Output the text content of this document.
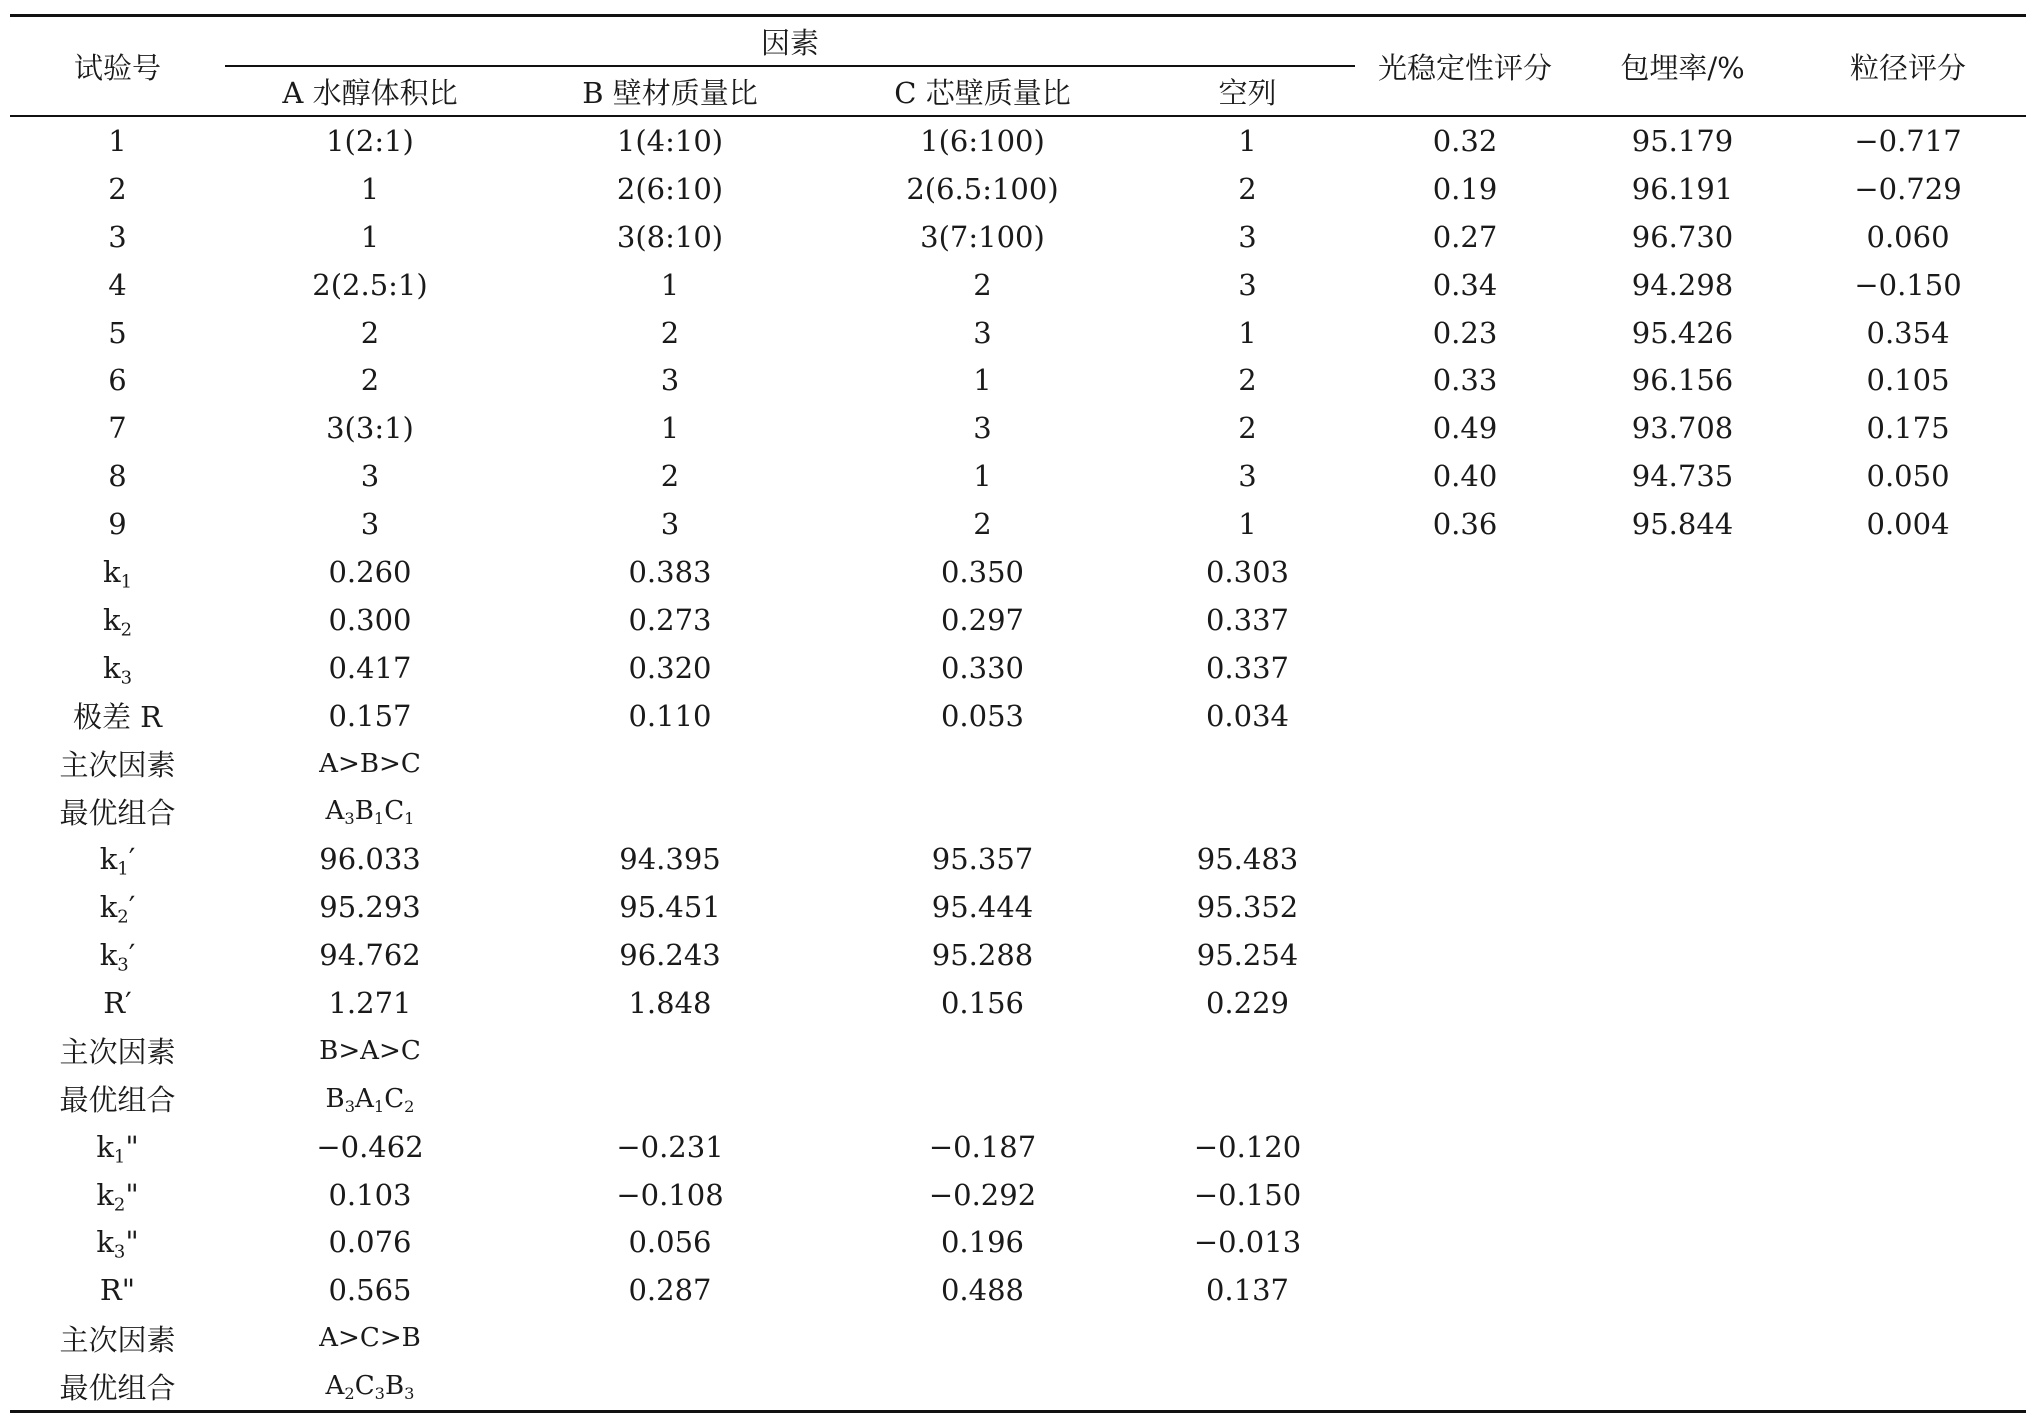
试验号	因素				光稳定性评分	包埋率/%	粒径评分
	A 水醇体积比	B 壁材质量比	C 芯壁质量比	空列			
1	1(2:1)	1(4:10)	1(6:100)	1	0.32	95.179	−0.717
2	1	2(6:10)	2(6.5:100)	2	0.19	96.191	−0.729
3	1	3(8:10)	3(7:100)	3	0.27	96.730	0.060
4	2(2.5:1)	1	2	3	0.34	94.298	−0.150
5	2	2	3	1	0.23	95.426	0.354
6	2	3	1	2	0.33	96.156	0.105
7	3(3:1)	1	3	2	0.49	93.708	0.175
8	3	2	1	3	0.40	94.735	0.050
9	3	3	2	1	0.36	95.844	0.004
$k_1$	0.260	0.383	0.350	0.303			
$k_2$	0.300	0.273	0.297	0.337			
$k_3$	0.417	0.320	0.330	0.337			
极差 R	0.157	0.110	0.053	0.034			
主次因素	A>B>C						
最优组合	$A_3B_1C_1$						
$k_1'$	96.033	94.395	95.357	95.483			
$k_2'$	95.293	95.451	95.444	95.352			
$k_3'$	94.762	96.243	95.288	95.254			
R′	1.271	1.848	0.156	0.229			
主次因素	B>A>C						
最优组合	$B_3A_1C_2$						
$k_1$"	−0.462	−0.231	−0.187	−0.120			
$k_2$"	0.103	−0.108	−0.292	−0.150			
$k_3$"	0.076	0.056	0.196	−0.013			
R"	0.565	0.287	0.488	0.137			
主次因素	A>C>B						
最优组合	$A_2C_3B_3$						
